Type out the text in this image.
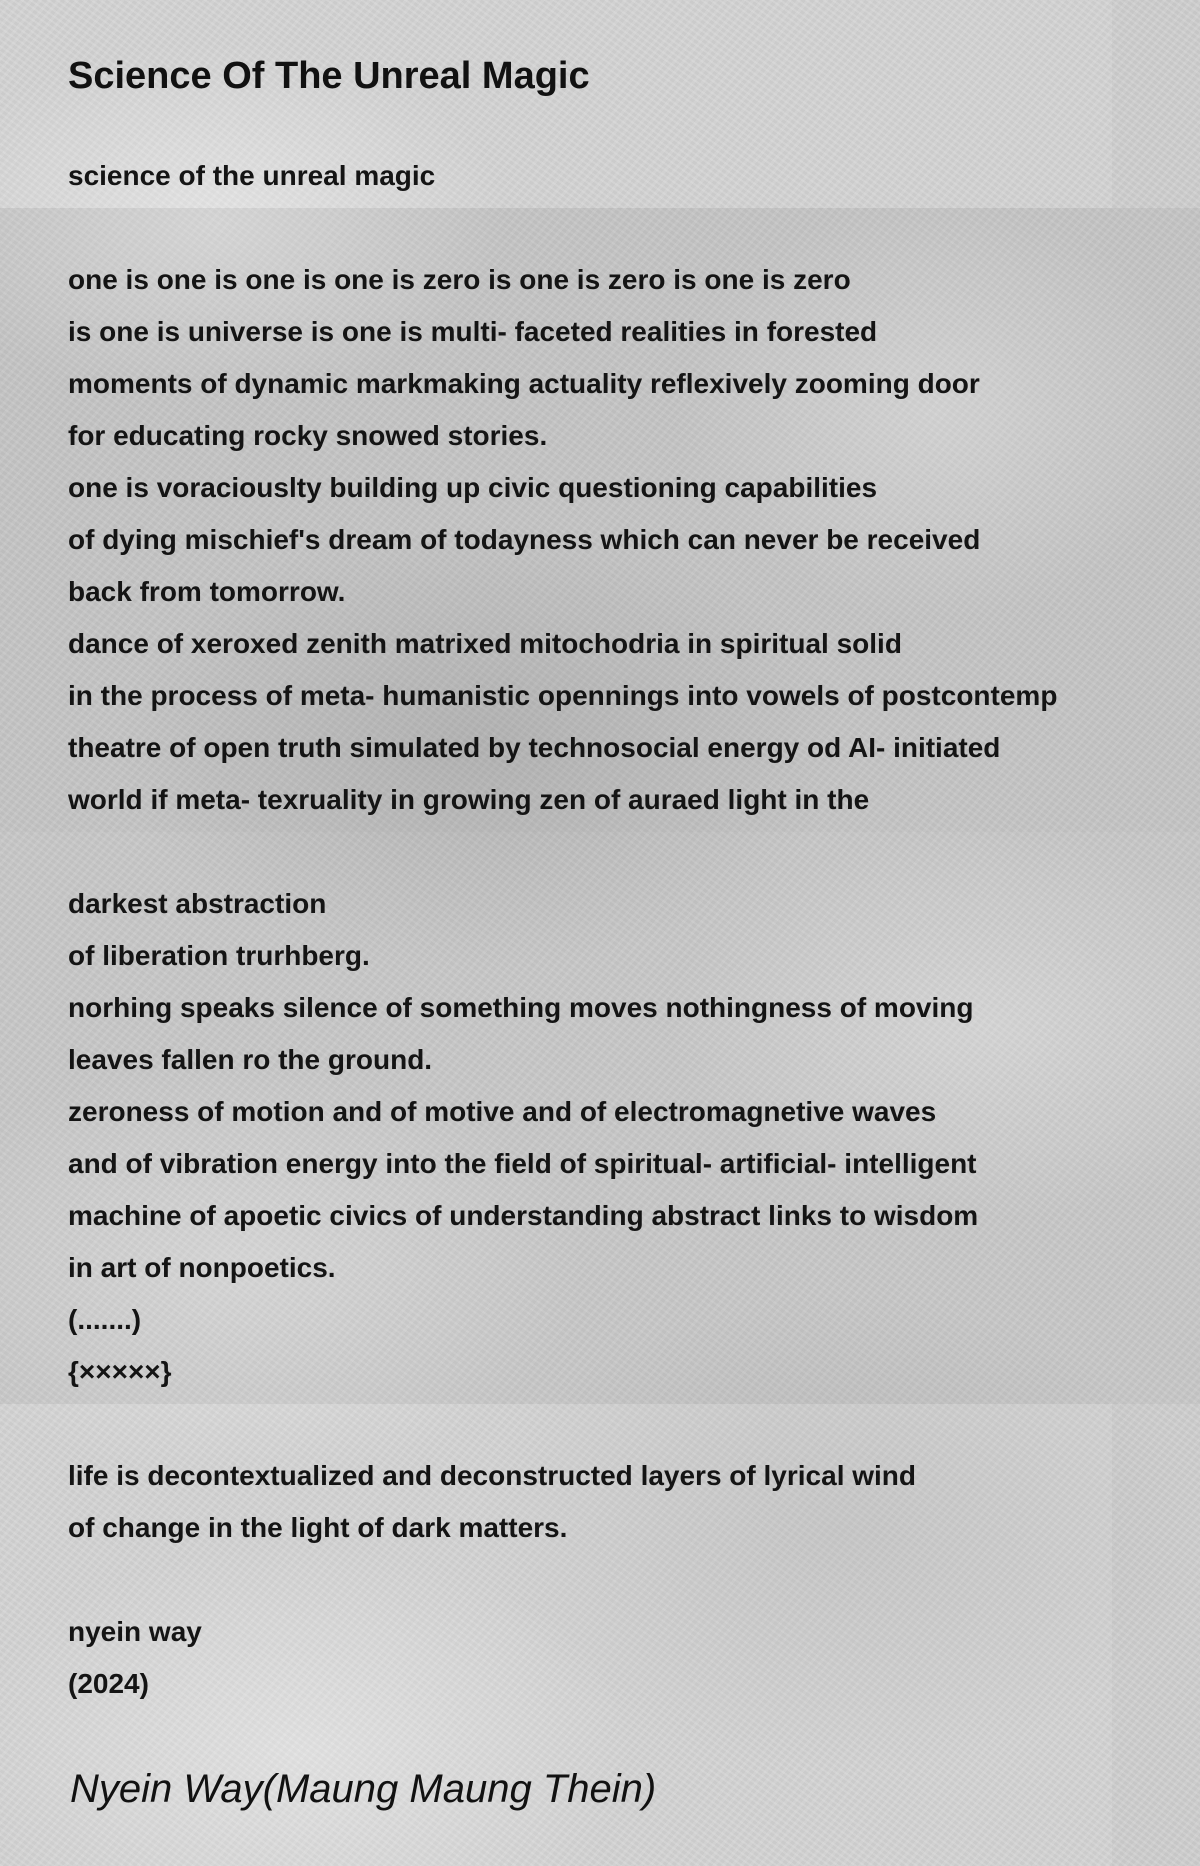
Science Of The Unreal Magic
science of the unreal magic
one is one is one is one is zero is one is zero is one is zero
is one is universe is one is multi- faceted realities in forested
moments of dynamic markmaking actuality reflexively zooming door
for educating rocky snowed stories.
one is voraciouslty building up civic questioning capabilities
of dying mischief's dream of todayness which can never be received
back from tomorrow.
dance of xeroxed zenith matrixed mitochodria in spiritual solid
in the process of meta- humanistic opennings into vowels of postcontemp
theatre of open truth simulated by technosocial energy od AI- initiated
world if meta- texruality in growing zen of auraed light in the
darkest abstraction
of liberation trurhberg.
norhing speaks silence of something moves nothingness of moving
leaves fallen ro the ground.
zeroness of motion and of motive and of electromagnetive waves
and of vibration energy into the field of spiritual- artificial- intelligent
machine of apoetic civics of understanding abstract links to wisdom
in art of nonpoetics.
(.......)
{×××××}
life is decontextualized and deconstructed layers of lyrical wind
of change in the light of dark matters.
nyein way
(2024)
Nyein Way(Maung Maung Thein)
